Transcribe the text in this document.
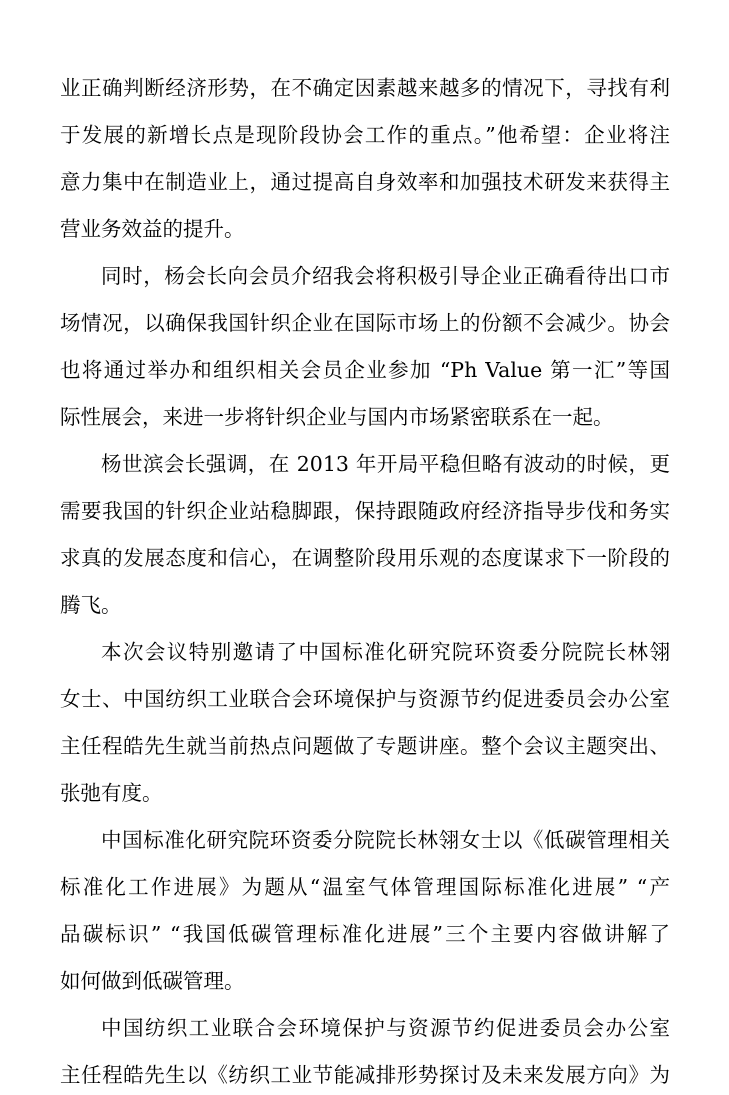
业正确判断经济形势，在不确定因素越来越多的情况下，寻找有利
于发展的新增长点是现阶段协会工作的重点。”他希望：企业将注
意力集中在制造业上，通过提高自身效率和加强技术研发来获得主
营业务效益的提升。
同时，杨会长向会员介绍我会将积极引导企业正确看待出口市
场情况，以确保我国针织企业在国际市场上的份额不会减少。协会
也将通过举办和组织相关会员企业参加 “Ph Value 第一汇”等国
际性展会，来进一步将针织企业与国内市场紧密联系在一起。
杨世滨会长强调，在 2013 年开局平稳但略有波动的时候，更
需要我国的针织企业站稳脚跟，保持跟随政府经济指导步伐和务实
求真的发展态度和信心，在调整阶段用乐观的态度谋求下一阶段的
腾飞。
本次会议特别邀请了中国标准化研究院环资委分院院长林翎
女士、中国纺织工业联合会环境保护与资源节约促进委员会办公室
主任程皓先生就当前热点问题做了专题讲座。整个会议主题突出、
张弛有度。
中国标准化研究院环资委分院院长林翎女士以《低碳管理相关
标准化工作进展》为题从“温室气体管理国际标准化进展” “产
品碳标识” “我国低碳管理标准化进展”三个主要内容做讲解了
如何做到低碳管理。
中国纺织工业联合会环境保护与资源节约促进委员会办公室
主任程皓先生以《纺织工业节能减排形势探讨及未来发展方向》为
